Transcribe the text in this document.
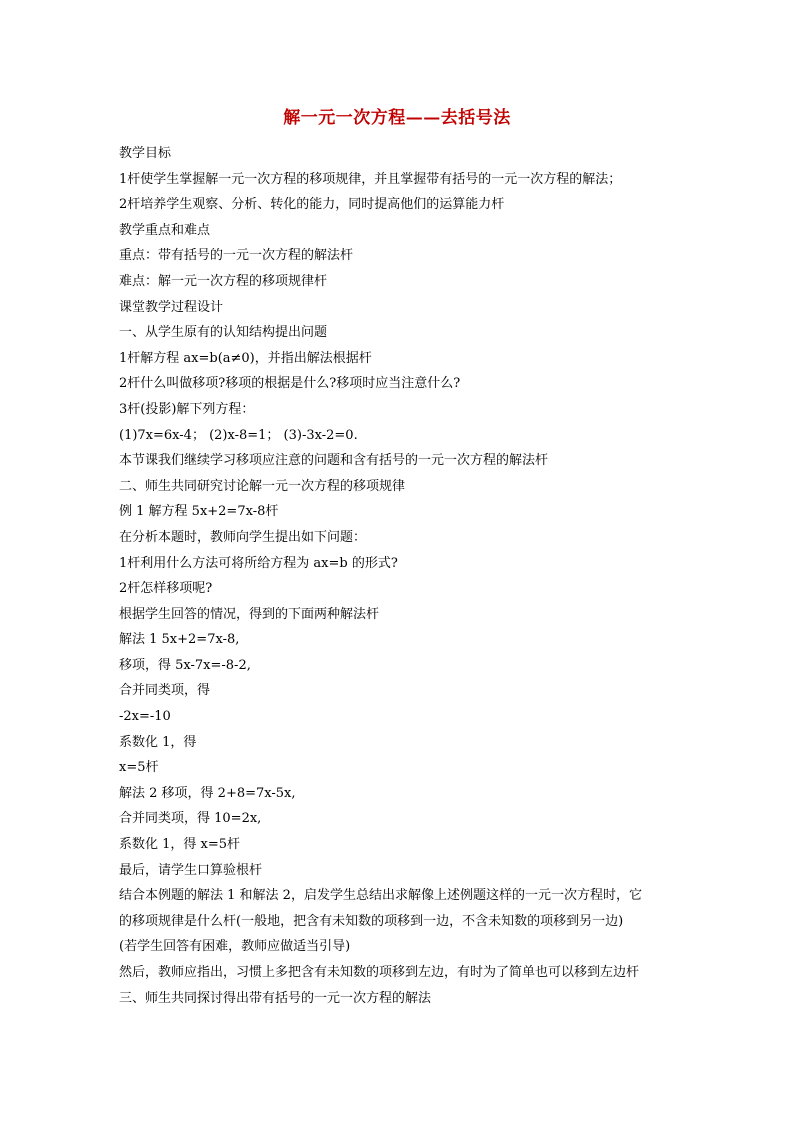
解一元一次方程——去括号法
教学目标
1杆使学生掌握解一元一次方程的移项规律，并且掌握带有括号的一元一次方程的解法；
2杆培养学生观察、分析、转化的能力，同时提高他们的运算能力杆
教学重点和难点
重点：带有括号的一元一次方程的解法杆
难点：解一元一次方程的移项规律杆
课堂教学过程设计
一、从学生原有的认知结构提出问题
1杆解方程 ax=b(a≠0)，并指出解法根据杆
2杆什么叫做移项?移项的根据是什么?移项时应当注意什么?
3杆(投影)解下列方程：
(1)7x=6x-4； (2)x-8=1； (3)-3x-2=0.
本节课我们继续学习移项应注意的问题和含有括号的一元一次方程的解法杆
二、师生共同研究讨论解一元一次方程的移项规律
例 1 解方程 5x+2=7x-8杆
在分析本题时，教师向学生提出如下问题：
1杆利用什么方法可将所给方程为 ax=b 的形式?
2杆怎样移项呢?
根据学生回答的情况，得到的下面两种解法杆
解法 1 5x+2=7x-8,
移项，得 5x-7x=-8-2,
合并同类项，得
-2x=-10
系数化 1，得
x=5杆
解法 2 移项，得 2+8=7x-5x,
合并同类项，得 10=2x,
系数化 1，得 x=5杆
最后，请学生口算验根杆
结合本例题的解法 1 和解法 2，启发学生总结出求解像上述例题这样的一元一次方程时，它
的移项规律是什么杆(一般地，把含有未知数的项移到一边，不含未知数的项移到另一边)
(若学生回答有困难，教师应做适当引导)
然后，教师应指出，习惯上多把含有未知数的项移到左边，有时为了简单也可以移到左边杆
三、师生共同探讨得出带有括号的一元一次方程的解法
